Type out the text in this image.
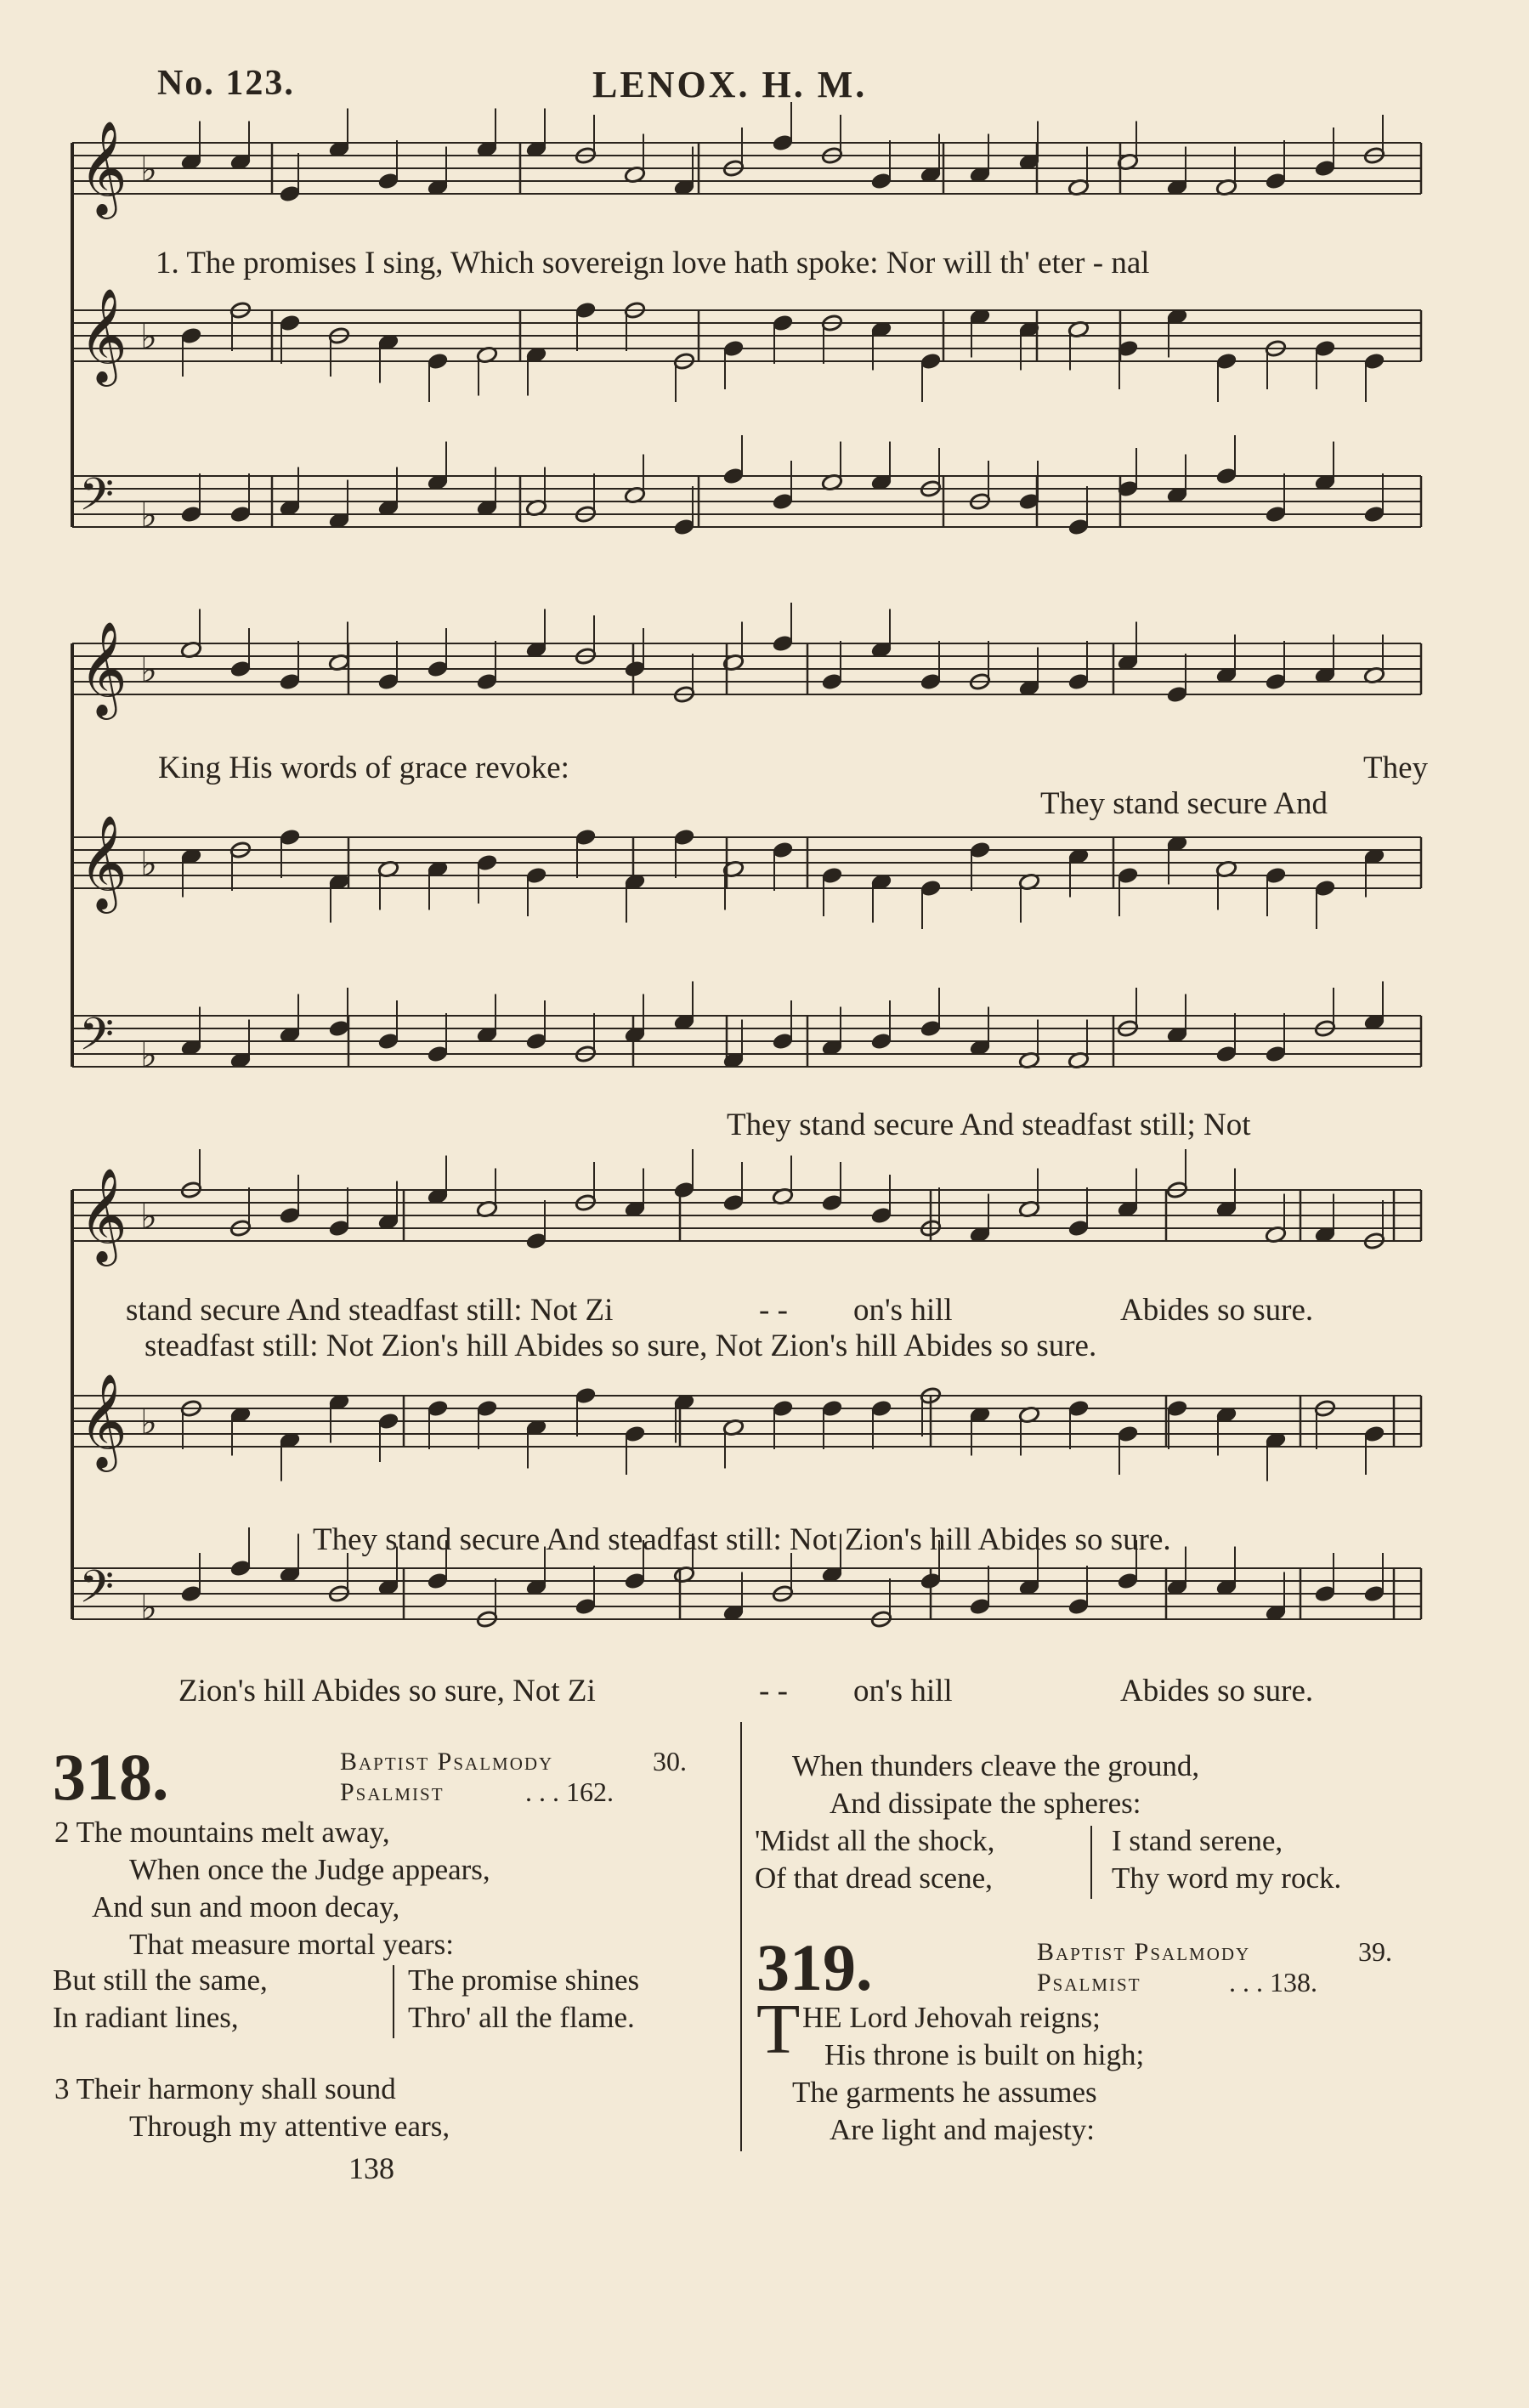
No. 123.	LENOX. H. M.
𝄞 ♭
𝄞 ♭
𝄢 ♭
𝄞 ♭
𝄞 ♭
𝄢 ♭
𝄞 ♭
𝄞 ♭
𝄢 ♭
1. The promises I sing, Which sovereign love hath spoke: Nor will th' eter - nal
King His words of grace revoke:	They
They stand secure And
They stand secure And steadfast still; Not
stand secure And steadfast still: Not Zi	- - on's hill	Abides so sure.
steadfast still: Not Zion's hill Abides so sure, Not Zion's hill Abides so sure.
They stand secure And steadfast still: Not Zion's hill Abides so sure.
Zion's hill Abides so sure, Not Zi	- - on's hill	Abides so sure.
318.	Baptist Psalmody	30.
Psalmist	. . . 162.
2 The mountains melt away,
When once the Judge appears,
And sun and moon decay,
That measure mortal years:
But still the same,	The promise shines
In radiant lines,	Thro' all the flame.
3 Their harmony shall sound
Through my attentive ears,
When thunders cleave the ground,
And dissipate the spheres:
'Midst all the shock,	I stand serene,
Of that dread scene,	Thy word my rock.
319.	Baptist Psalmody	39.
Psalmist	. . . 138.
T HE Lord Jehovah reigns;
His throne is built on high;
The garments he assumes
Are light and majesty:
138
